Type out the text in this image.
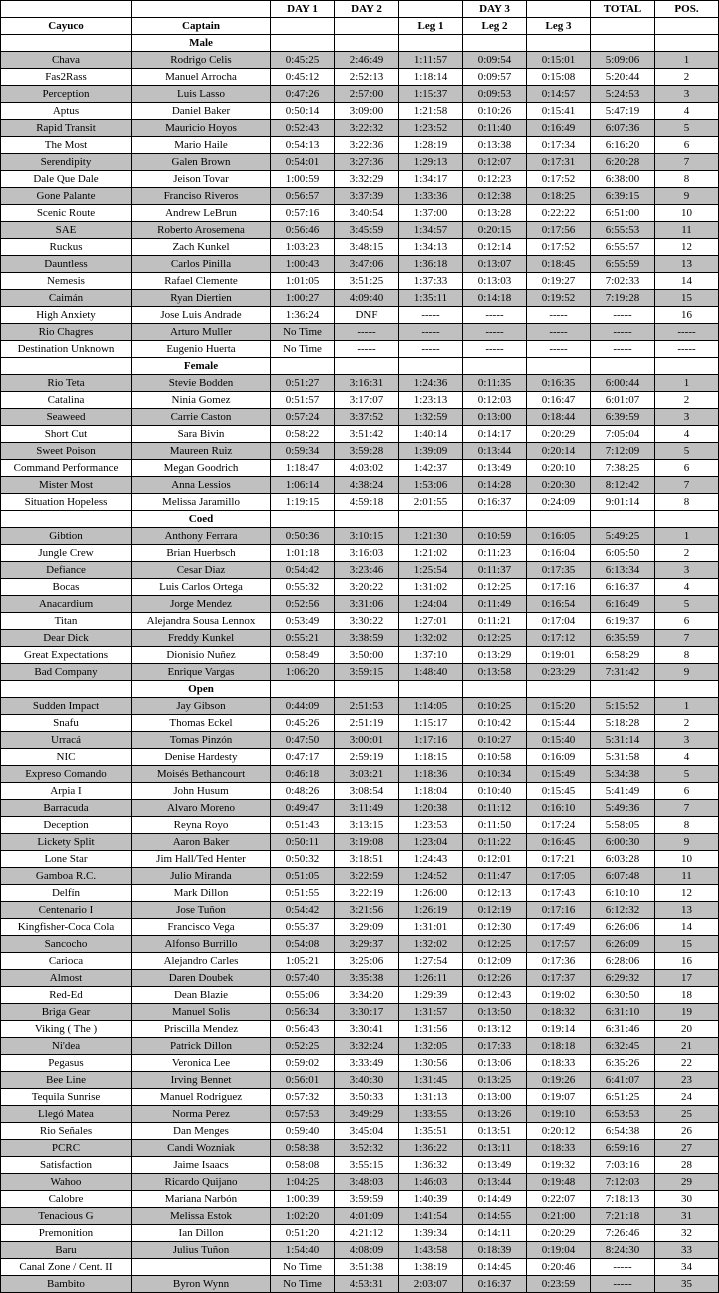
		DAY 1	DAY 2		DAY 3		TOTAL	POS.
Cayuco	Captain			Leg 1	Leg 2	Leg 3		
	Male							
Chava	Rodrigo Celis	0:45:25	2:46:49	1:11:57	0:09:54	0:15:01	5:09:06	1
Fas2Rass	Manuel Arrocha	0:45:12	2:52:13	1:18:14	0:09:57	0:15:08	5:20:44	2
Perception	Luis Lasso	0:47:26	2:57:00	1:15:37	0:09:53	0:14:57	5:24:53	3
Aptus	Daniel Baker	0:50:14	3:09:00	1:21:58	0:10:26	0:15:41	5:47:19	4
Rapid Transit	Mauricio Hoyos	0:52:43	3:22:32	1:23:52	0:11:40	0:16:49	6:07:36	5
The Most	Mario Haile	0:54:13	3:22:36	1:28:19	0:13:38	0:17:34	6:16:20	6
Serendipity	Galen Brown	0:54:01	3:27:36	1:29:13	0:12:07	0:17:31	6:20:28	7
Dale Que Dale	Jeison Tovar	1:00:59	3:32:29	1:34:17	0:12:23	0:17:52	6:38:00	8
Gone Palante	Franciso Riveros	0:56:57	3:37:39	1:33:36	0:12:38	0:18:25	6:39:15	9
Scenic Route	Andrew LeBrun	0:57:16	3:40:54	1:37:00	0:13:28	0:22:22	6:51:00	10
SAE	Roberto Arosemena	0:56:46	3:45:59	1:34:57	0:20:15	0:17:56	6:55:53	11
Ruckus	Zach Kunkel	1:03:23	3:48:15	1:34:13	0:12:14	0:17:52	6:55:57	12
Dauntless	Carlos Pinilla	1:00:43	3:47:06	1:36:18	0:13:07	0:18:45	6:55:59	13
Nemesis	Rafael Clemente	1:01:05	3:51:25	1:37:33	0:13:03	0:19:27	7:02:33	14
Caimán	Ryan Diertien	1:00:27	4:09:40	1:35:11	0:14:18	0:19:52	7:19:28	15
High Anxiety	Jose Luis Andrade	1:36:24	DNF	-----	-----	-----	-----	16
Rio Chagres	Arturo Muller	No Time	-----	-----	-----	-----	-----	-----
Destination Unknown	Eugenio Huerta	No Time	-----	-----	-----	-----	-----	-----
	Female							
Rio Teta	Stevie Bodden	0:51:27	3:16:31	1:24:36	0:11:35	0:16:35	6:00:44	1
Catalina	Ninia Gomez	0:51:57	3:17:07	1:23:13	0:12:03	0:16:47	6:01:07	2
Seaweed	Carrie Caston	0:57:24	3:37:52	1:32:59	0:13:00	0:18:44	6:39:59	3
Short Cut	Sara Bivin	0:58:22	3:51:42	1:40:14	0:14:17	0:20:29	7:05:04	4
Sweet Poison	Maureen Ruiz	0:59:34	3:59:28	1:39:09	0:13:44	0:20:14	7:12:09	5
Command Performance	Megan Goodrich	1:18:47	4:03:02	1:42:37	0:13:49	0:20:10	7:38:25	6
Mister Most	Anna Lessios	1:06:14	4:38:24	1:53:06	0:14:28	0:20:30	8:12:42	7
Situation Hopeless	Melissa Jaramillo	1:19:15	4:59:18	2:01:55	0:16:37	0:24:09	9:01:14	8
	Coed							
Gibtion	Anthony Ferrara	0:50:36	3:10:15	1:21:30	0:10:59	0:16:05	5:49:25	1
Jungle Crew	Brian Huerbsch	1:01:18	3:16:03	1:21:02	0:11:23	0:16:04	6:05:50	2
Defiance	Cesar Diaz	0:54:42	3:23:46	1:25:54	0:11:37	0:17:35	6:13:34	3
Bocas	Luis Carlos Ortega	0:55:32	3:20:22	1:31:02	0:12:25	0:17:16	6:16:37	4
Anacardium	Jorge Mendez	0:52:56	3:31:06	1:24:04	0:11:49	0:16:54	6:16:49	5
Titan	Alejandra Sousa Lennox	0:53:49	3:30:22	1:27:01	0:11:21	0:17:04	6:19:37	6
Dear Dick	Freddy Kunkel	0:55:21	3:38:59	1:32:02	0:12:25	0:17:12	6:35:59	7
Great Expectations	Dionisio Nuñez	0:58:49	3:50:00	1:37:10	0:13:29	0:19:01	6:58:29	8
Bad Company	Enrique Vargas	1:06:20	3:59:15	1:48:40	0:13:58	0:23:29	7:31:42	9
	Open							
Sudden Impact	Jay Gibson	0:44:09	2:51:53	1:14:05	0:10:25	0:15:20	5:15:52	1
Snafu	Thomas Eckel	0:45:26	2:51:19	1:15:17	0:10:42	0:15:44	5:18:28	2
Urracá	Tomas Pinzón	0:47:50	3:00:01	1:17:16	0:10:27	0:15:40	5:31:14	3
NIC	Denise Hardesty	0:47:17	2:59:19	1:18:15	0:10:58	0:16:09	5:31:58	4
Expreso Comando	Moisés Bethancourt	0:46:18	3:03:21	1:18:36	0:10:34	0:15:49	5:34:38	5
Arpia I	John Husum	0:48:26	3:08:54	1:18:04	0:10:40	0:15:45	5:41:49	6
Barracuda	Alvaro Moreno	0:49:47	3:11:49	1:20:38	0:11:12	0:16:10	5:49:36	7
Deception	Reyna Royo	0:51:43	3:13:15	1:23:53	0:11:50	0:17:24	5:58:05	8
Lickety Split	Aaron Baker	0:50:11	3:19:08	1:23:04	0:11:22	0:16:45	6:00:30	9
Lone Star	Jim Hall/Ted Henter	0:50:32	3:18:51	1:24:43	0:12:01	0:17:21	6:03:28	10
Gamboa R.C.	Julio Miranda	0:51:05	3:22:59	1:24:52	0:11:47	0:17:05	6:07:48	11
Delfín	Mark Dillon	0:51:55	3:22:19	1:26:00	0:12:13	0:17:43	6:10:10	12
Centenario I	Jose Tuñon	0:54:42	3:21:56	1:26:19	0:12:19	0:17:16	6:12:32	13
Kingfisher-Coca Cola	Francisco Vega	0:55:37	3:29:09	1:31:01	0:12:30	0:17:49	6:26:06	14
Sancocho	Alfonso Burrillo	0:54:08	3:29:37	1:32:02	0:12:25	0:17:57	6:26:09	15
Carioca	Alejandro Carles	1:05:21	3:25:06	1:27:54	0:12:09	0:17:36	6:28:06	16
Almost	Daren Doubek	0:57:40	3:35:38	1:26:11	0:12:26	0:17:37	6:29:32	17
Red-Ed	Dean Blazie	0:55:06	3:34:20	1:29:39	0:12:43	0:19:02	6:30:50	18
Briga Gear	Manuel Solis	0:56:34	3:30:17	1:31:57	0:13:50	0:18:32	6:31:10	19
Viking ( The )	Priscilla Mendez	0:56:43	3:30:41	1:31:56	0:13:12	0:19:14	6:31:46	20
Ni'dea	Patrick Dillon	0:52:25	3:32:24	1:32:05	0:17:33	0:18:18	6:32:45	21
Pegasus	Veronica Lee	0:59:02	3:33:49	1:30:56	0:13:06	0:18:33	6:35:26	22
Bee Line	Irving Bennet	0:56:01	3:40:30	1:31:45	0:13:25	0:19:26	6:41:07	23
Tequila Sunrise	Manuel Rodriguez	0:57:32	3:50:33	1:31:13	0:13:00	0:19:07	6:51:25	24
Llegó Matea	Norma Perez	0:57:53	3:49:29	1:33:55	0:13:26	0:19:10	6:53:53	25
Rio Señales	Dan Menges	0:59:40	3:45:04	1:35:51	0:13:51	0:20:12	6:54:38	26
PCRC	Candi Wozniak	0:58:38	3:52:32	1:36:22	0:13:11	0:18:33	6:59:16	27
Satisfaction	Jaime Isaacs	0:58:08	3:55:15	1:36:32	0:13:49	0:19:32	7:03:16	28
Wahoo	Ricardo Quijano	1:04:25	3:48:03	1:46:03	0:13:44	0:19:48	7:12:03	29
Calobre	Mariana Narbón	1:00:39	3:59:59	1:40:39	0:14:49	0:22:07	7:18:13	30
Tenacious G	Melissa Estok	1:02:20	4:01:09	1:41:54	0:14:55	0:21:00	7:21:18	31
Premonition	Ian Dillon	0:51:20	4:21:12	1:39:34	0:14:11	0:20:29	7:26:46	32
Baru	Julius Tuñon	1:54:40	4:08:09	1:43:58	0:18:39	0:19:04	8:24:30	33
Canal Zone / Cent. II		No Time	3:51:38	1:38:19	0:14:45	0:20:46	-----	34
Bambito	Byron Wynn	No Time	4:53:31	2:03:07	0:16:37	0:23:59	-----	35
